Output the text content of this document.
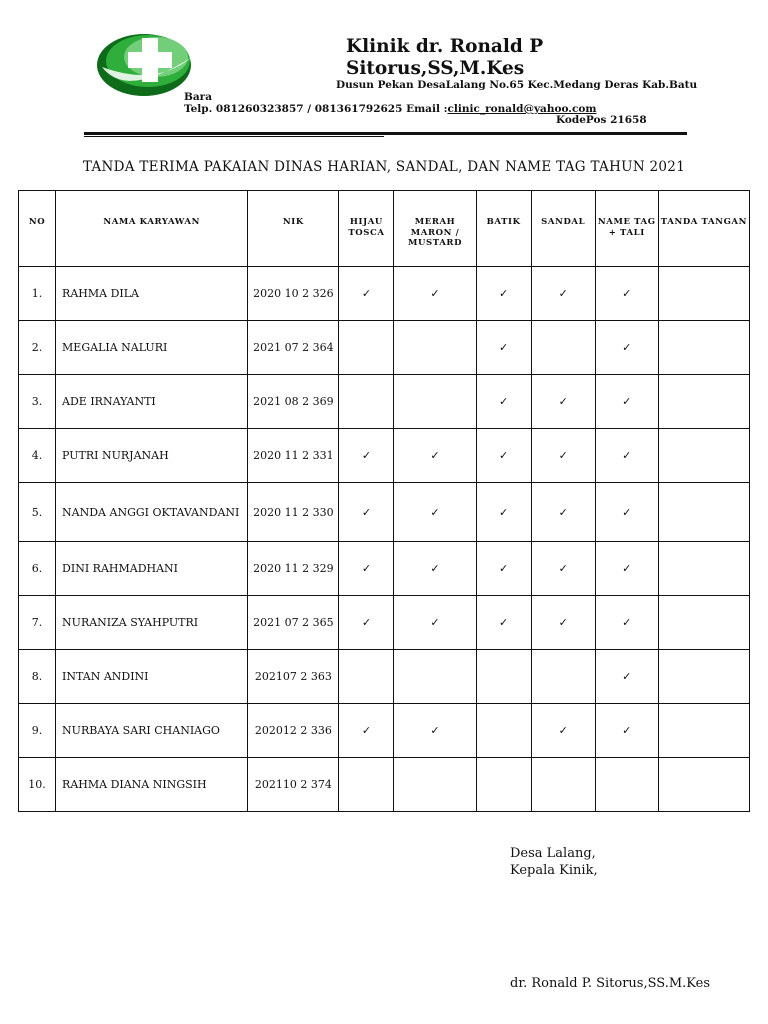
Klinik dr. Ronald P
Sitorus,SS,M.Kes
Dusun Pekan DesaLalang No.65 Kec.Medang Deras Kab.Batu
Bara
Telp. 081260323857 / 081361792625 Email :clinic_ronald@yahoo.com
KodePos 21658
TANDA TERIMA PAKAIAN DINAS HARIAN, SANDAL, DAN NAME TAG TAHUN 2021
NO	NAMA KARYAWAN	NIK	HIJAU TOSCA	MERAH MARON / MUSTARD	BATIK	SANDAL	NAME TAG + TALI	TANDA TANGAN
1.	RAHMA DILA	2020 10 2 326	✓	✓	✓	✓	✓	
2.	MEGALIA NALURI	2021 07 2 364			✓		✓	
3.	ADE IRNAYANTI	2021 08 2 369			✓	✓	✓	
4.	PUTRI NURJANAH	2020 11 2 331	✓	✓	✓	✓	✓	
5.	NANDA ANGGI OKTAVANDANI	2020 11 2 330	✓	✓	✓	✓	✓	
6.	DINI RAHMADHANI	2020 11 2 329	✓	✓	✓	✓	✓	
7.	NURANIZA SYAHPUTRI	2021 07 2 365	✓	✓	✓	✓	✓	
8.	INTAN ANDINI	202107 2 363					✓	
9.	NURBAYA SARI CHANIAGO	202012 2 336	✓	✓		✓	✓	
10.	RAHMA DIANA NINGSIH	202110 2 374						
Desa Lalang,
Kepala Kinik,
dr. Ronald P. Sitorus,SS.M.Kes
